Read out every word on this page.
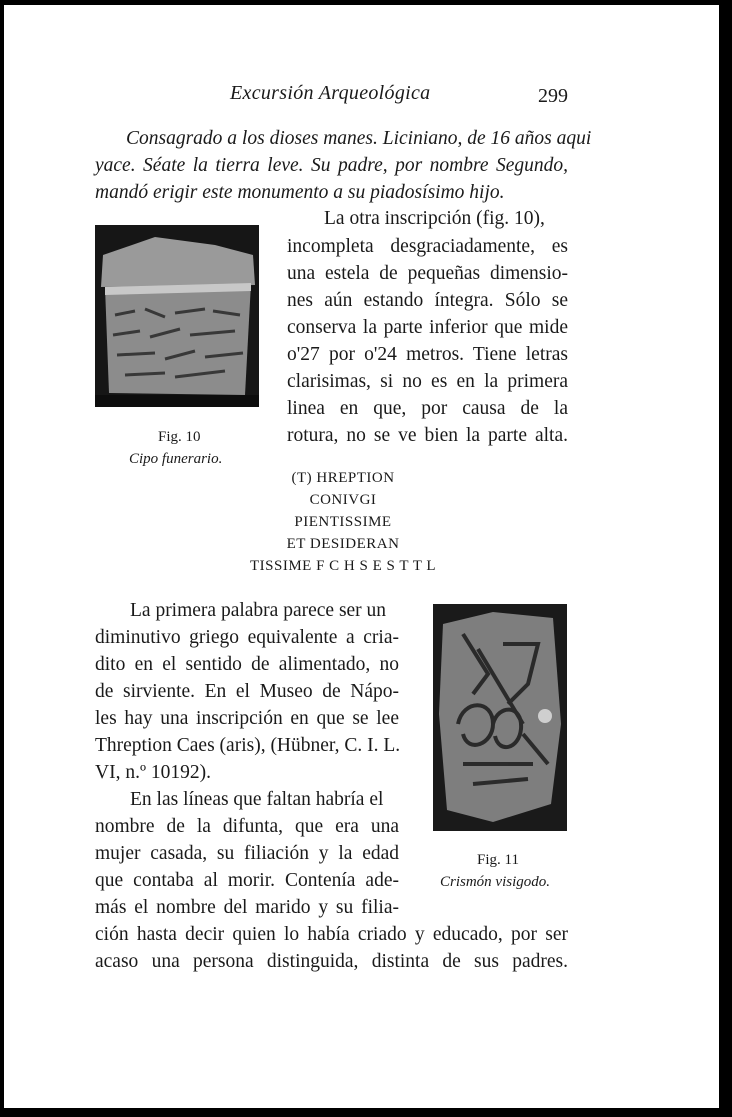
Excursión Arqueológica	299
Consagrado a los dioses manes. Liciniano, de 16 años aqui
yace. Séate la tierra leve. Su padre, por nombre Segundo,
mandó erigir este monumento a su piadosísimo hijo.
La otra inscripción (fig. 10),
incompleta desgraciadamente, es
una estela de pequeñas dimensio-
nes aún estando íntegra. Sólo se
conserva la parte inferior que mide
o'27 por o'24 metros. Tiene letras
clarisimas, si no es en la primera
linea en que, por causa de la
rotura, no se ve bien la parte alta.
Fig. 10
Cipo funerario.
(T) HREPTION
CONIVGI
PIENTISSIME
ET DESIDERAN
TISSIME F C H S E S T T L
La primera palabra parece ser un
diminutivo griego equivalente a cria-
dito en el sentido de alimentado, no
de sirviente. En el Museo de Nápo-
les hay una inscripción en que se lee
Threption Caes (aris), (Hübner, C. I. L.
VI, n.º 10192).
En las líneas que faltan habría el
nombre de la difunta, que era una
mujer casada, su filiación y la edad
que contaba al morir. Contenía ade-
más el nombre del marido y su filia-
ción hasta decir quien lo había criado y educado, por ser
acaso una persona distinguida, distinta de sus padres.
Fig. 11
Crismón visigodo.
